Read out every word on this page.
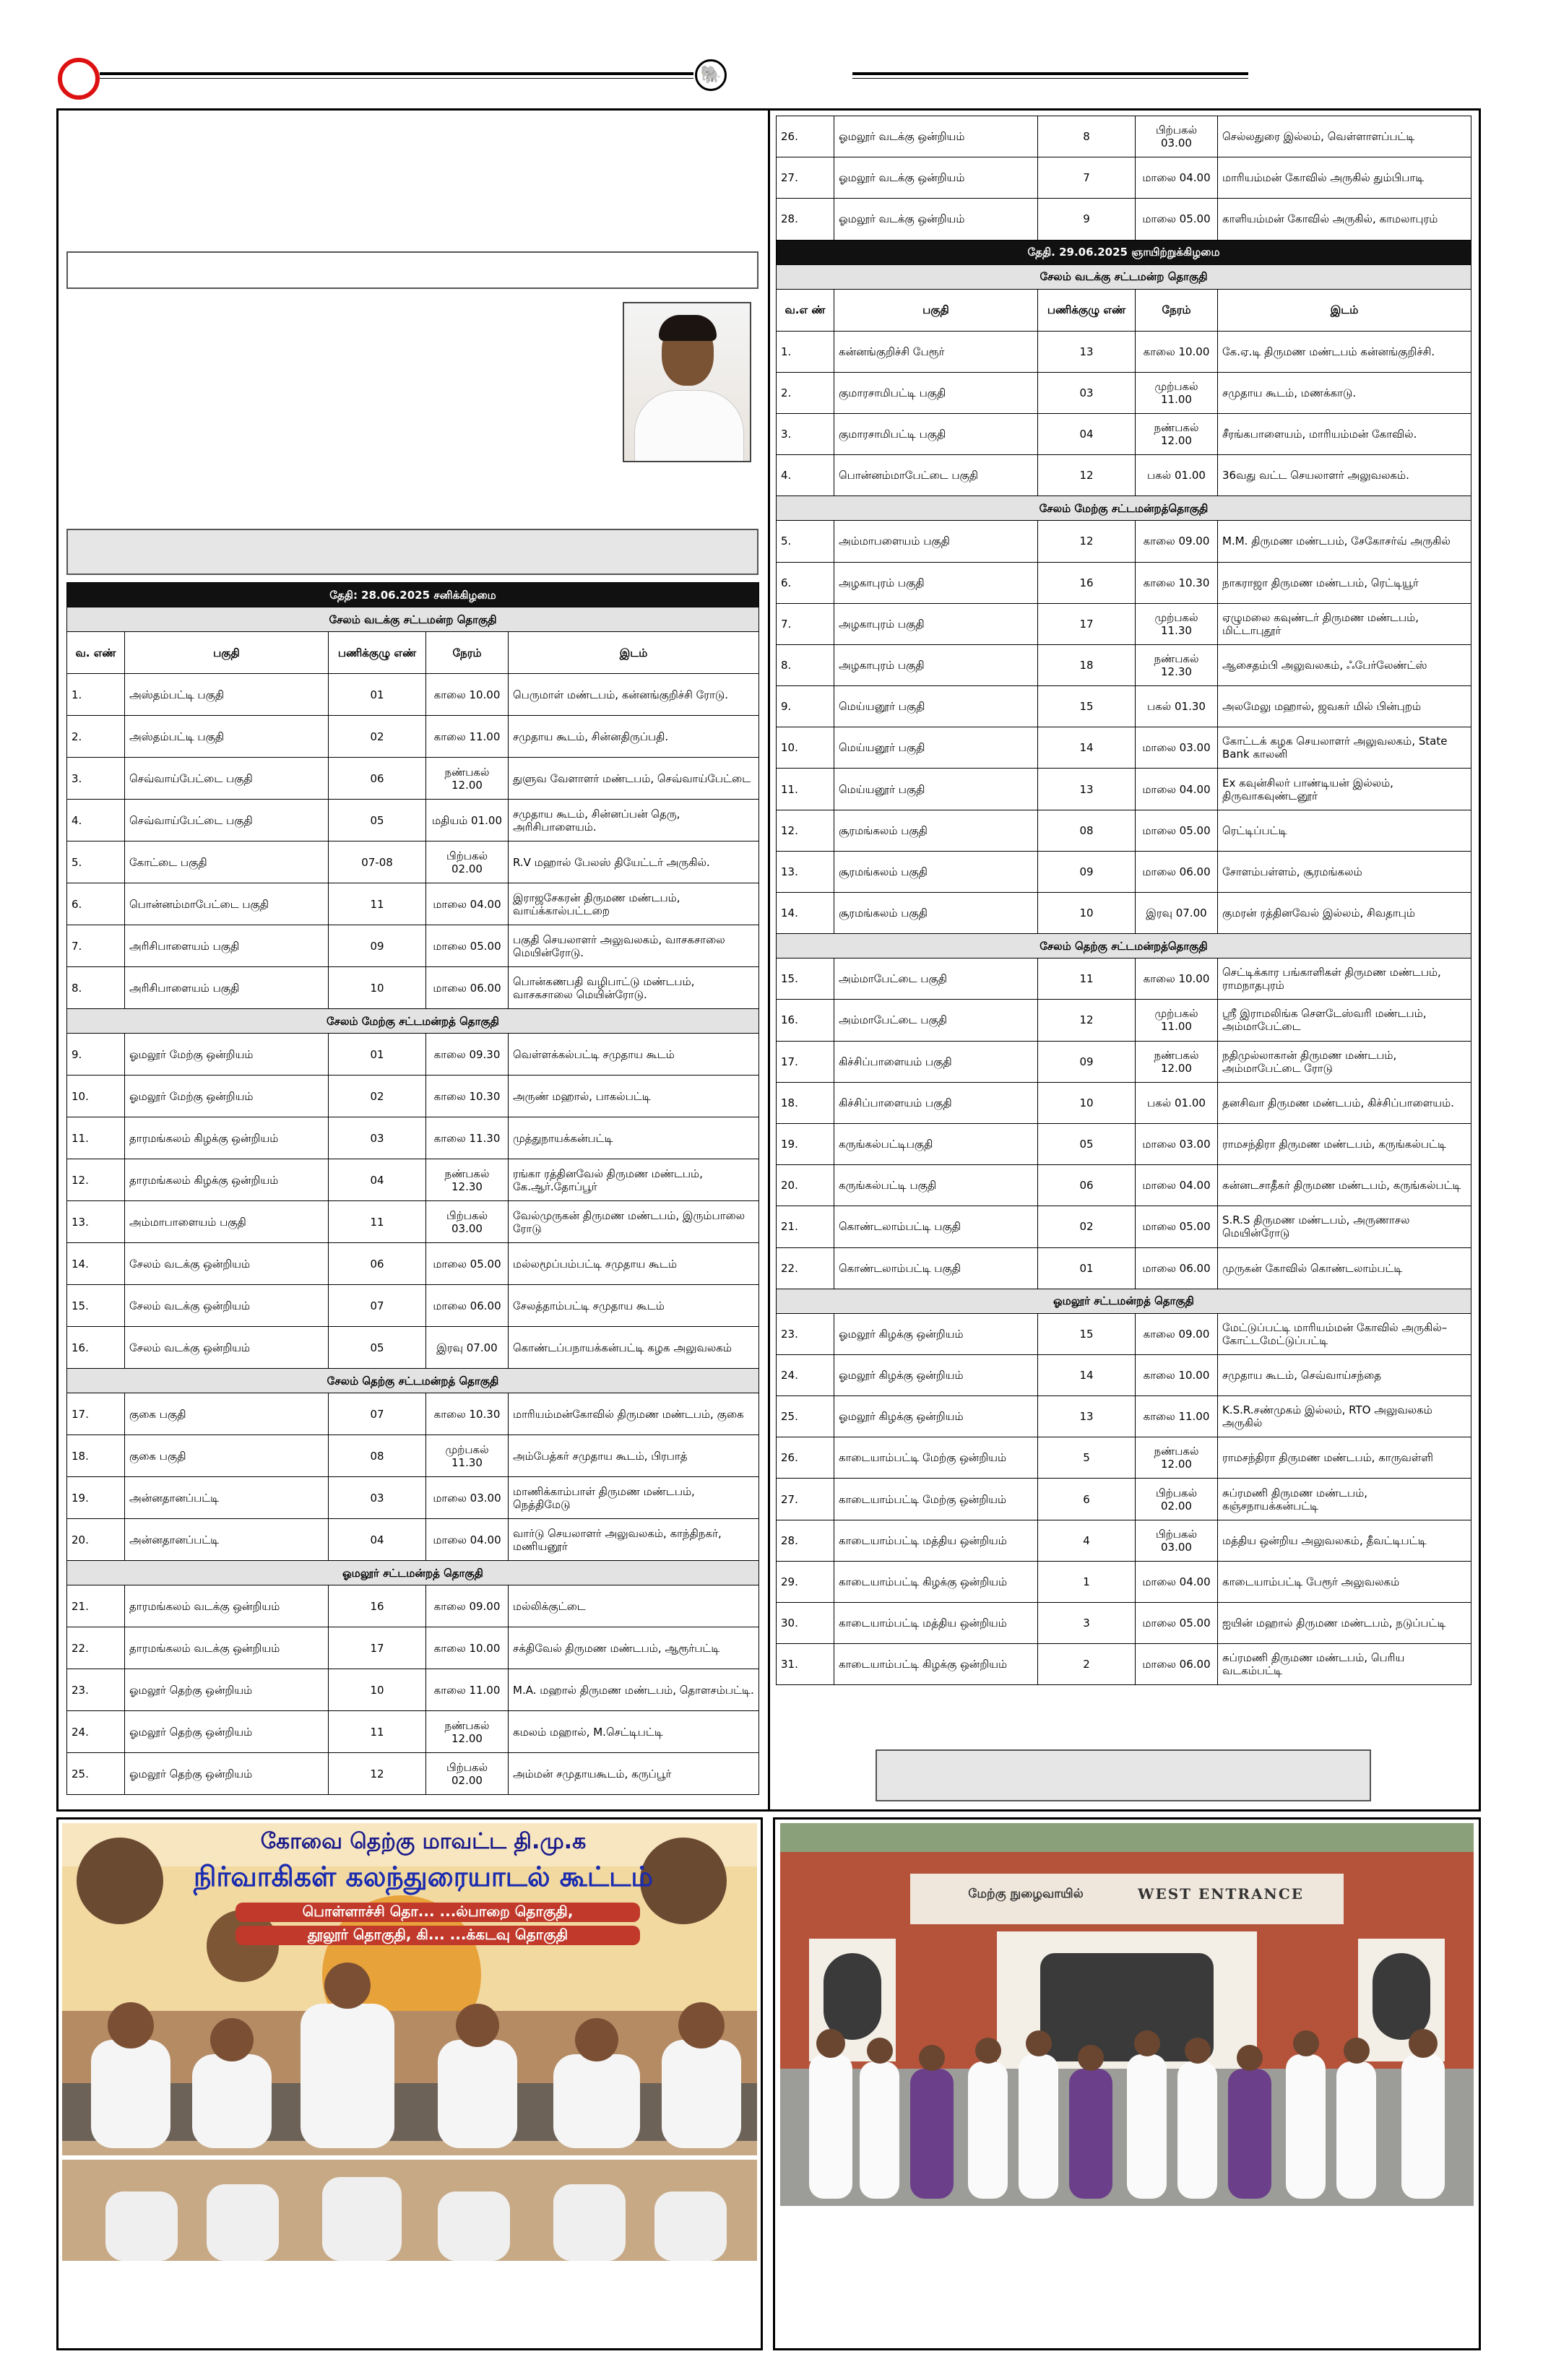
🐘
தேதி: 28.06.2025 சனிக்கிழமை				
சேலம் வடக்கு சட்டமன்ற தொகுதி				
வ. எண்	பகுதி	பணிக்குழு எண்	நேரம்	இடம்
1.	அஸ்தம்பட்டி பகுதி	01	காலை 10.00	பெருமாள் மண்டபம், கன்னங்குறிச்சி ரோடு.
2.	அஸ்தம்பட்டி பகுதி	02	காலை 11.00	சமுதாய கூடம், சின்னதிருப்பதி.
3.	செவ்வாய்பேட்டை பகுதி	06	நண்பகல் 12.00	துளுவ வேளாளர் மண்டபம், செவ்வாய்பேட்டை
4.	செவ்வாய்பேட்டை பகுதி	05	மதியம் 01.00	சமுதாய கூடம், சின்னப்பன் தெரு, அரிசிபாளையம்.
5.	கோட்டை பகுதி	07-08	பிற்பகல் 02.00	R.V மஹால் பேலஸ் தியேட்டர் அருகில்.
6.	பொன்னம்மாபேட்டை பகுதி	11	மாலை 04.00	இராஜசேகரன் திருமண மண்டபம், வாய்க்கால்பட்டறை
7.	அரிசிபாளையம் பகுதி	09	மாலை 05.00	பகுதி செயலாளர் அலுவலகம், வாசகசாலை மெயின்ரோடு.
8.	அரிசிபாளையம் பகுதி	10	மாலை 06.00	பொன்கணபதி வழிபாட்டு மண்டபம், வாசகசாலை மெயின்ரோடு.
சேலம் மேற்கு சட்டமன்றத் தொகுதி				
9.	ஓமலூர் மேற்கு ஒன்றியம்	01	காலை 09.30	வெள்ளக்கல்பட்டி சமுதாய கூடம்
10.	ஓமலூர் மேற்கு ஒன்றியம்	02	காலை 10.30	அருண் மஹால், பாகல்பட்டி
11.	தாரமங்கலம் கிழக்கு ஒன்றியம்	03	காலை 11.30	முத்துநாயக்கன்பட்டி
12.	தாரமங்கலம் கிழக்கு ஒன்றியம்	04	நண்பகல் 12.30	ரங்கா ரத்தினவேல் திருமண மண்டபம், கே.ஆர்.தோப்பூர்
13.	அம்மாபாளையம் பகுதி	11	பிற்பகல் 03.00	வேல்முருகன் திருமண மண்டபம், இரும்பாலை ரோடு
14.	சேலம் வடக்கு ஒன்றியம்	06	மாலை 05.00	மல்லமூப்பம்பட்டி சமுதாய கூடம்
15.	சேலம் வடக்கு ஒன்றியம்	07	மாலை 06.00	சேலத்தாம்பட்டி சமுதாய கூடம்
16.	சேலம் வடக்கு ஒன்றியம்	05	இரவு 07.00	கொண்டப்பநாயக்கன்பட்டி கழக அலுவலகம்
சேலம் தெற்கு சட்டமன்றத் தொகுதி				
17.	குகை பகுதி	07	காலை 10.30	மாரியம்மன்கோவில் திருமண மண்டபம், குகை
18.	குகை பகுதி	08	முற்பகல் 11.30	அம்பேத்கர் சமுதாய கூடம், பிரபாத்
19.	அன்னதானப்பட்டி	03	மாலை 03.00	மாணிக்காம்பாள் திருமண மண்டபம், நெத்திமேடு
20.	அன்னதானப்பட்டி	04	மாலை 04.00	வார்டு செயலாளர் அலுவலகம், காந்திநகர், மணியனூர்
ஓமலூர் சட்டமன்றத் தொகுதி				
21.	தாரமங்கலம் வடக்கு ஒன்றியம்	16	காலை 09.00	மல்லிக்குட்டை
22.	தாரமங்கலம் வடக்கு ஒன்றியம்	17	காலை 10.00	சக்திவேல் திருமண மண்டபம், ஆரூர்பட்டி
23.	ஓமலூர் தெற்கு ஒன்றியம்	10	காலை 11.00	M.A. மஹால் திருமண மண்டபம், தொளசம்பட்டி.
24.	ஓமலூர் தெற்கு ஒன்றியம்	11	நண்பகல் 12.00	கமலம் மஹால், M.செட்டிபட்டி
25.	ஓமலூர் தெற்கு ஒன்றியம்	12	பிற்பகல் 02.00	அம்மன் சமுதாயகூடம், கருப்பூர்
26.	ஓமலூர் வடக்கு ஒன்றியம்	8	பிற்பகல் 03.00	செல்லதுரை இல்லம், வெள்ளாளப்பட்டி
27.	ஓமலூர் வடக்கு ஒன்றியம்	7	மாலை 04.00	மாரியம்மன் கோவில் அருகில் தும்பிபாடி
28.	ஓமலூர் வடக்கு ஒன்றியம்	9	மாலை 05.00	காளியம்மன் கோவில் அருகில், காமலாபுரம்
தேதி. 29.06.2025 ஞாயிற்றுக்கிழமை				
சேலம் வடக்கு சட்டமன்ற தொகுதி				
வ.எ ண்	பகுதி	பணிக்குழு எண்	நேரம்	இடம்
1.	கன்னங்குறிச்சி பேரூர்	13	காலை 10.00	கே.ஏ.டி திருமண மண்டபம் கன்னங்குறிச்சி.
2.	குமாரசாமிபட்டி பகுதி	03	முற்பகல் 11.00	சமுதாய கூடம், மணக்காடு.
3.	குமாரசாமிபட்டி பகுதி	04	நண்பகல் 12.00	சீரங்கபாளையம், மாரியம்மன் கோவில்.
4.	பொன்னம்மாபேட்டை பகுதி	12	பகல் 01.00	36வது வட்ட செயலாளர் அலுவலகம்.
சேலம் மேற்கு சட்டமன்றத்தொகுதி				
5.	அம்மாபளையம் பகுதி	12	காலை 09.00	M.M. திருமண மண்டபம், சேகோசர்வ் அருகில்
6.	அழகாபுரம் பகுதி	16	காலை 10.30	நாகராஜா திருமண மண்டபம், ரெட்டியூர்
7.	அழகாபுரம் பகுதி	17	முற்பகல் 11.30	ஏழுமலை கவுண்டர் திருமண மண்டபம், மிட்டாபுதூர்
8.	அழகாபுரம் பகுதி	18	நண்பகல் 12.30	ஆசைதம்பி அலுவலகம், ஃபேர்லேண்ட்ஸ்
9.	மெய்யனூர் பகுதி	15	பகல் 01.30	அலமேலு மஹால், ஜவகர் மில் பின்புறம்
10.	மெய்யனூர் பகுதி	14	மாலை 03.00	கோட்டக் கழக செயலாளர் அலுவலகம், State Bank காலனி
11.	மெய்யனூர் பகுதி	13	மாலை 04.00	Ex கவுன்சிலர் பாண்டியன் இல்லம், திருவாகவுண்டனூர்
12.	சூரமங்கலம் பகுதி	08	மாலை 05.00	ரெட்டிப்பட்டி
13.	சூரமங்கலம் பகுதி	09	மாலை 06.00	சோளம்பள்ளம், சூரமங்கலம்
14.	சூரமங்கலம் பகுதி	10	இரவு 07.00	குமரன் ரத்தினவேல் இல்லம், சிவதாபும்
சேலம் தெற்கு சட்டமன்றத்தொகுதி				
15.	அம்மாபேட்டை பகுதி	11	காலை 10.00	செட்டிக்கார பங்காளிகள் திருமண மண்டபம், ராமநாதபுரம்
16.	அம்மாபேட்டை பகுதி	12	முற்பகல் 11.00	ஸ்ரீ இராமலிங்க சௌடேஸ்வரி மண்டபம், அம்மாபேட்டை
17.	கிச்சிப்பாளையம் பகுதி	09	நண்பகல் 12.00	நதிமுல்லாகான் திருமண மண்டபம், அம்மாபேட்டை ரோடு
18.	கிச்சிப்பாளையம் பகுதி	10	பகல் 01.00	தனசிவா திருமண மண்டபம், கிச்சிப்பாளையம்.
19.	கருங்கல்பட்டிபகுதி	05	மாலை 03.00	ராமசந்திரா திருமண மண்டபம், கருங்கல்பட்டி
20.	கருங்கல்பட்டி பகுதி	06	மாலை 04.00	கன்னடசாதீகர் திருமண மண்டபம், கருங்கல்பட்டி
21.	கொண்டலாம்பட்டி பகுதி	02	மாலை 05.00	S.R.S திருமண மண்டபம், அருணாசல மெயின்ரோடு
22.	கொண்டலாம்பட்டி பகுதி	01	மாலை 06.00	முருகன் கோவில் கொண்டலாம்பட்டி
ஓமலூர் சட்டமன்றத் தொகுதி				
23.	ஓமலூர் கிழக்கு ஒன்றியம்	15	காலை 09.00	மேட்டுப்பட்டி மாரியம்மன் கோவில் அருகில்– கோட்டமேட்டுப்பட்டி
24.	ஓமலூர் கிழக்கு ஒன்றியம்	14	காலை 10.00	சமுதாய கூடம், செவ்வாய்சந்தை
25.	ஓமலூர் கிழக்கு ஒன்றியம்	13	காலை 11.00	K.S.R.சண்முகம் இல்லம், RTO அலுவலகம் அருகில்
26.	காடையாம்பட்டி மேற்கு ஒன்றியம்	5	நண்பகல் 12.00	ராமசந்திரா திருமண மண்டபம், காருவள்ளி
27.	காடையாம்பட்டி மேற்கு ஒன்றியம்	6	பிற்பகல் 02.00	சுப்ரமணி திருமண மண்டபம், கஞ்சநாயக்கன்பட்டி
28.	காடையாம்பட்டி மத்திய ஒன்றியம்	4	பிற்பகல் 03.00	மத்திய ஒன்றிய அலுவலகம், தீவட்டிபட்டி
29.	காடையாம்பட்டி கிழக்கு ஒன்றியம்	1	மாலை 04.00	காடையாம்பட்டி பேரூர் அலுவலகம்
30.	காடையாம்பட்டி மத்திய ஒன்றியம்	3	மாலை 05.00	ஐயின் மஹால் திருமண மண்டபம், நடுப்பட்டி
31.	காடையாம்பட்டி கிழக்கு ஒன்றியம்	2	மாலை 06.00	சுப்ரமணி திருமண மண்டபம், பெரிய வடகம்பட்டி
கோவை தெற்கு மாவட்ட தி.மு.க
நிர்வாகிகள் கலந்துரையாடல் கூட்டம்
பொள்ளாச்சி தொ... ...ல்பாறை தொகுதி,
தூலூர் தொகுதி, கி... ...க்கடவு தொகுதி
மேற்கு நுழைவாயில்	WEST ENTRANCE
